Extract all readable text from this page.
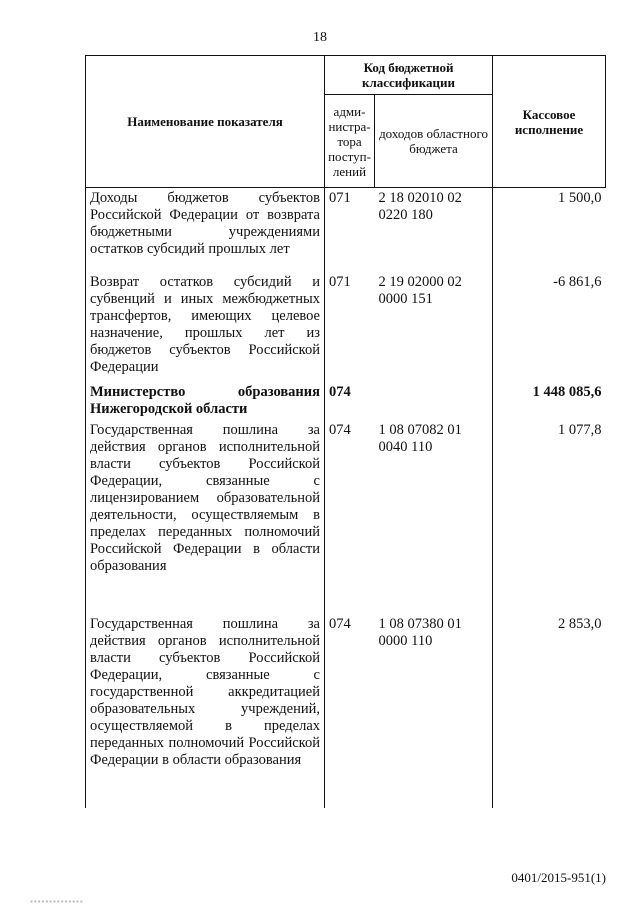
18
Наименование показателя	Код бюджетной классификации		Кассовое исполнение
	адми-нистра-тора поступ-лений	доходов областного бюджета	
Доходы бюджетов субъектов Российской Федерации от возврата бюджетными учреждениями остатков субсидий прошлых лет	071	2 18 02010 02 0220 180	1 500,0
Возврат остатков субсидий и субвенций и иных межбюджетных трансфертов, имеющих целевое назначение, прошлых лет из бюджетов субъектов Российской Федерации	071	2 19 02000 02 0000 151	-6 861,6
Министерство образования Нижегородской области	074		1 448 085,6
Государственная пошлина за действия органов исполнительной власти субъектов Российской Федерации, связанные с лицензированием образовательной деятельности, осуществляемым в пределах переданных полномочий Российской Федерации в области образования	074	1 08 07082 01 0040 110	1 077,8
Государственная пошлина за действия органов исполнительной власти субъектов Российской Федерации, связанные с государственной аккредитацией образовательных учреждений, осуществляемой в пределах переданных полномочий Российской Федерации в области образования	074	1 08 07380 01 0000 110	2 853,0
0401/2015-951(1)
▪▪▪▪▪▪▪▪▪▪▪▪▪▪
